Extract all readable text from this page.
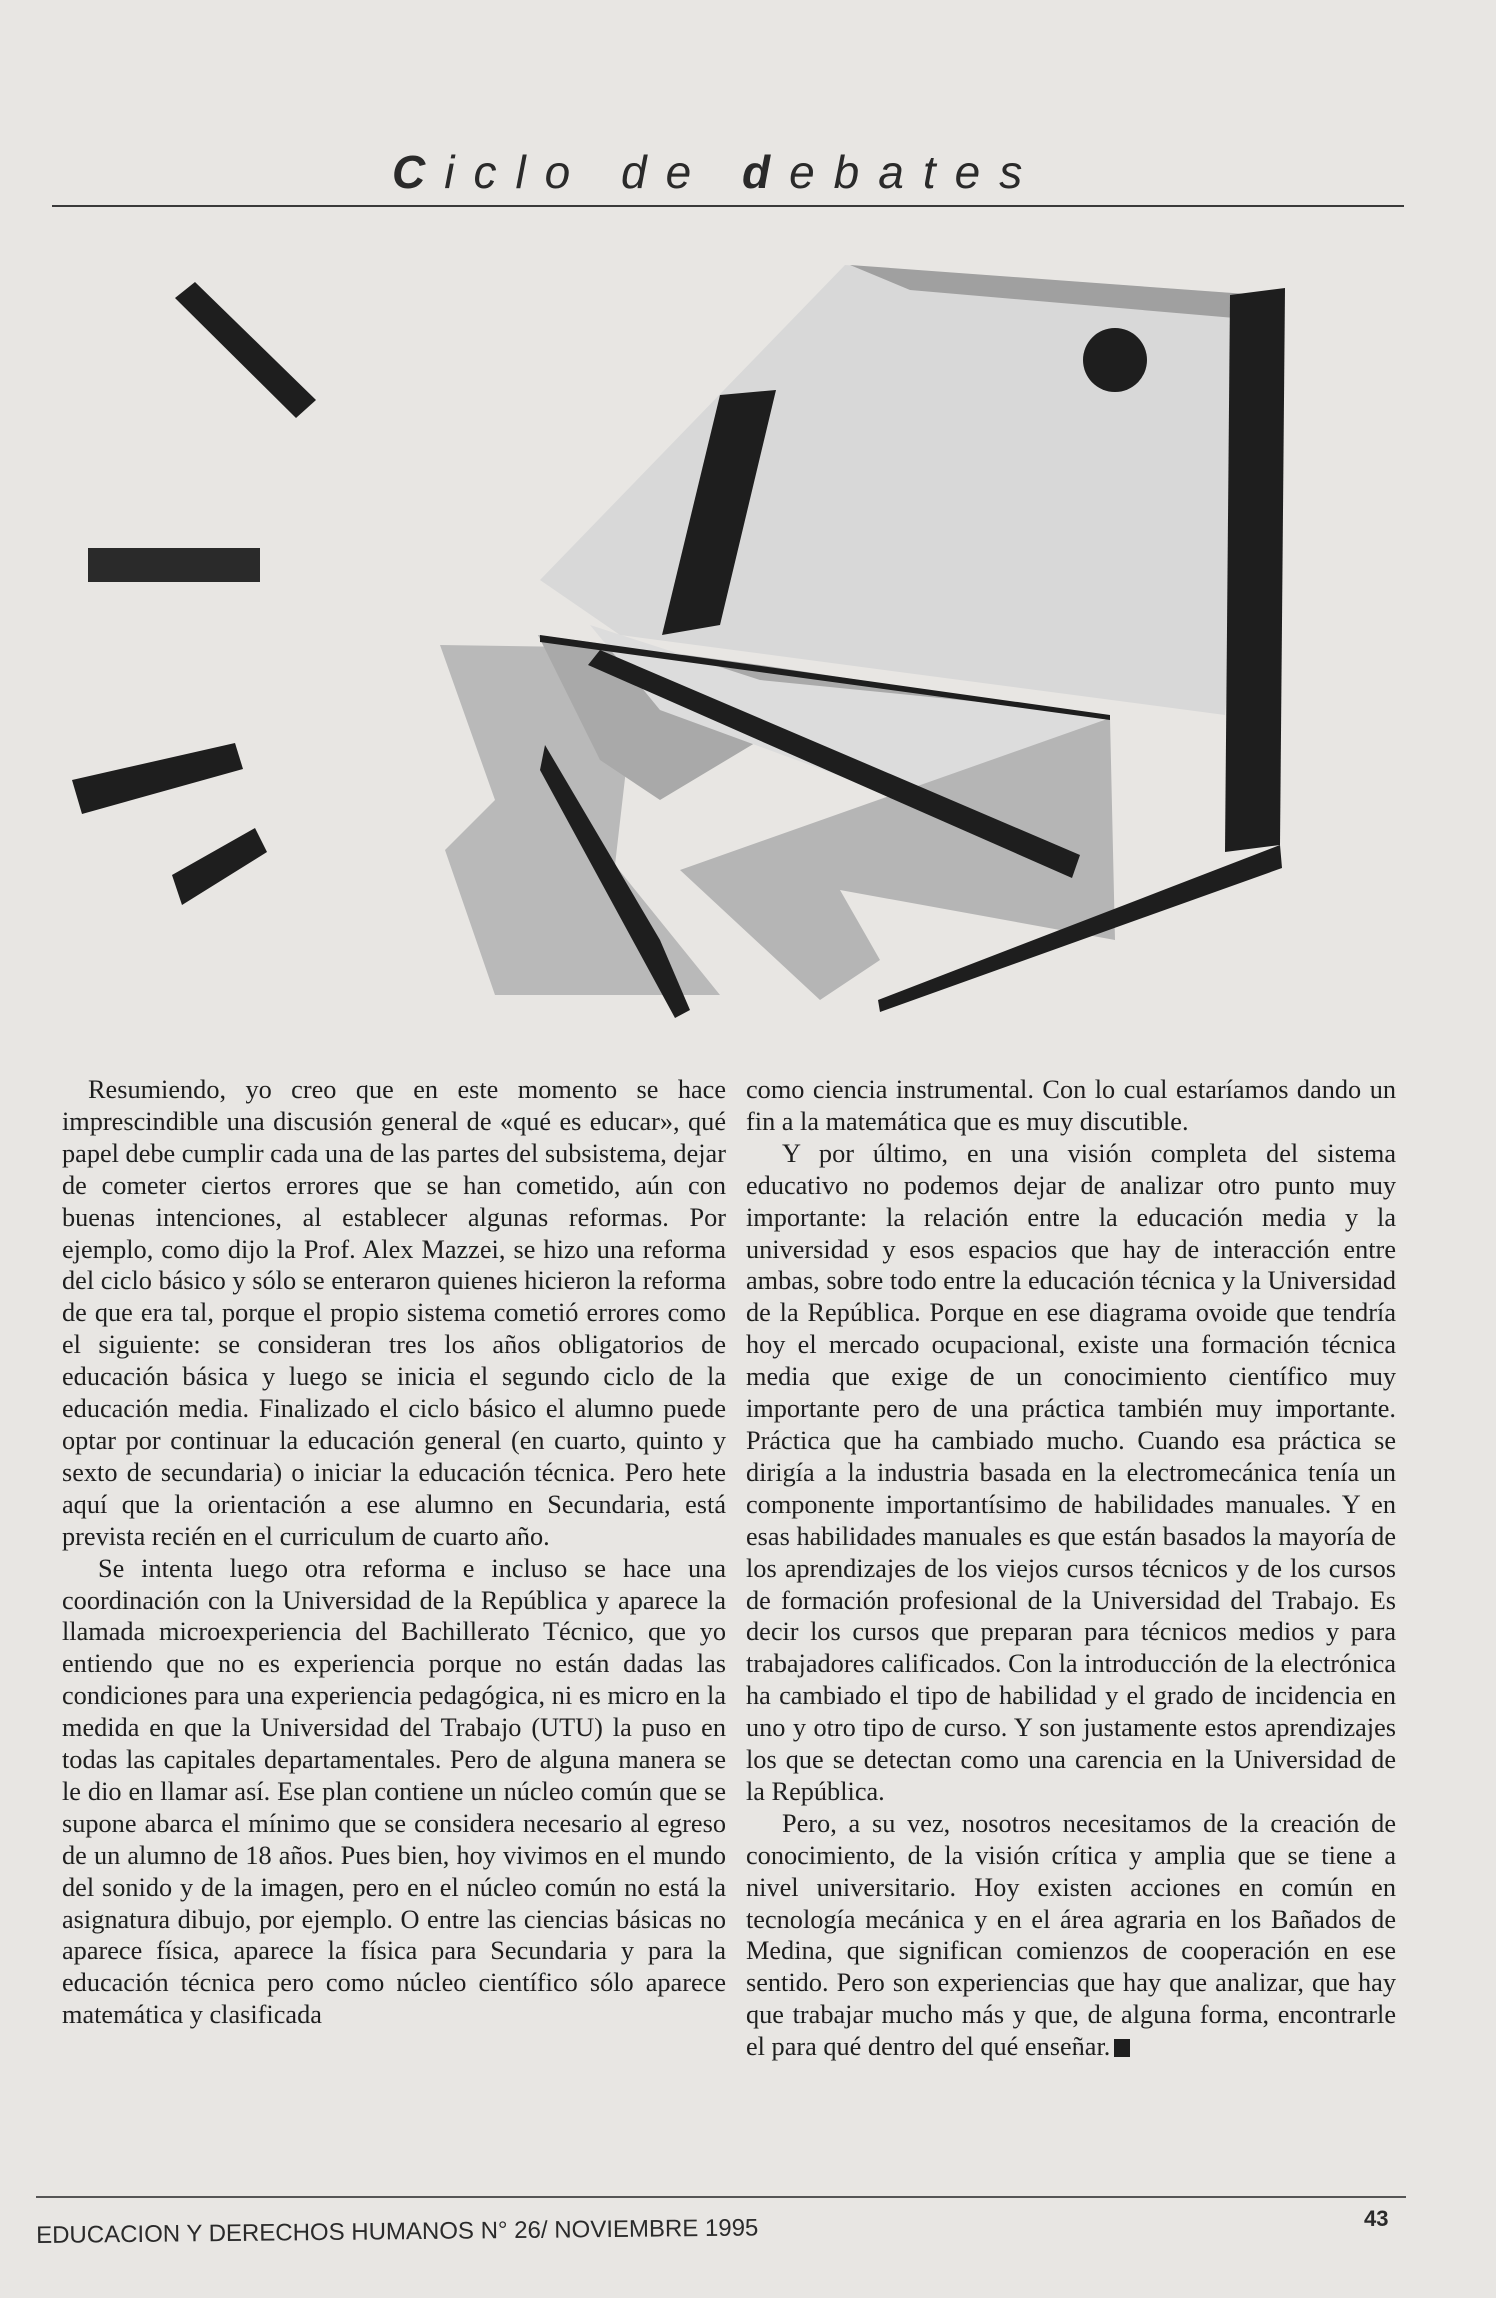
Ciclo de debates

Resumiendo, yo creo que en este momento se hace imprescindible una discusión general de «qué es educar», qué papel debe cumplir cada una de las partes del subsistema, dejar de cometer ciertos errores que se han cometido, aún con buenas intenciones, al establecer algunas reformas. Por ejemplo, como dijo la Prof. Alex Mazzei, se hizo una reforma del ciclo básico y sólo se enteraron quienes hicieron la reforma de que era tal, porque el propio sistema cometió errores como el siguiente: se consideran tres los años obligatorios de educación básica y luego se inicia el segundo ciclo de la educación media. Finalizado el ciclo básico el alumno puede optar por continuar la educación general (en cuarto, quinto y sexto de secundaria) o iniciar la educación técnica. Pero hete aquí que la orientación a ese alumno en Secundaria, está prevista recién en el curriculum de cuarto año.

Se intenta luego otra reforma e incluso se hace una coordinación con la Universidad de la República y aparece la llamada microexperiencia del Bachillerato Técnico, que yo entiendo que no es experiencia porque no están dadas las condiciones para una experiencia pedagógica, ni es micro en la medida en que la Universidad del Trabajo (UTU) la puso en todas las capitales departamentales. Pero de alguna manera se le dio en llamar así. Ese plan contiene un núcleo común que se supone abarca el mínimo que se considera necesario al egreso de un alumno de 18 años. Pues bien, hoy vivimos en el mundo del sonido y de la imagen, pero en el núcleo común no está la asignatura dibujo, por ejemplo. O entre las ciencias básicas no aparece física, aparece la física para Secundaria y para la educación técnica pero como núcleo científico sólo aparece matemática y clasificada

como ciencia instrumental. Con lo cual estaríamos dando un fin a la matemática que es muy discutible.

Y por último, en una visión completa del sistema educativo no podemos dejar de analizar otro punto muy importante: la relación entre la educación media y la universidad y esos espacios que hay de interacción entre ambas, sobre todo entre la educación técnica y la Universidad de la República. Porque en ese diagrama ovoide que tendría hoy el mercado ocupacional, existe una formación técnica media que exige de un conocimiento científico muy importante pero de una práctica también muy importante. Práctica que ha cambiado mucho. Cuando esa práctica se dirigía a la industria basada en la electromecánica tenía un componente importantísimo de habilidades manuales. Y en esas habilidades manuales es que están basados la mayoría de los aprendizajes de los viejos cursos técnicos y de los cursos de formación profesional de la Universidad del Trabajo. Es decir los cursos que preparan para técnicos medios y para trabajadores calificados. Con la introducción de la electrónica ha cambiado el tipo de habilidad y el grado de incidencia en uno y otro tipo de curso. Y son justamente estos aprendizajes los que se detectan como una carencia en la Universidad de la República.

Pero, a su vez, nosotros necesitamos de la creación de conocimiento, de la visión crítica y amplia que se tiene a nivel universitario. Hoy existen acciones en común en tecnología mecánica y en el área agraria en los Bañados de Medina, que significan comienzos de cooperación en ese sentido. Pero son experiencias que hay que analizar, que hay que trabajar mucho más y que, de alguna forma, encontrarle el para qué dentro del qué enseñar.

EDUCACION Y DERECHOS HUMANOS N° 26/ NOVIEMBRE 1995	43
